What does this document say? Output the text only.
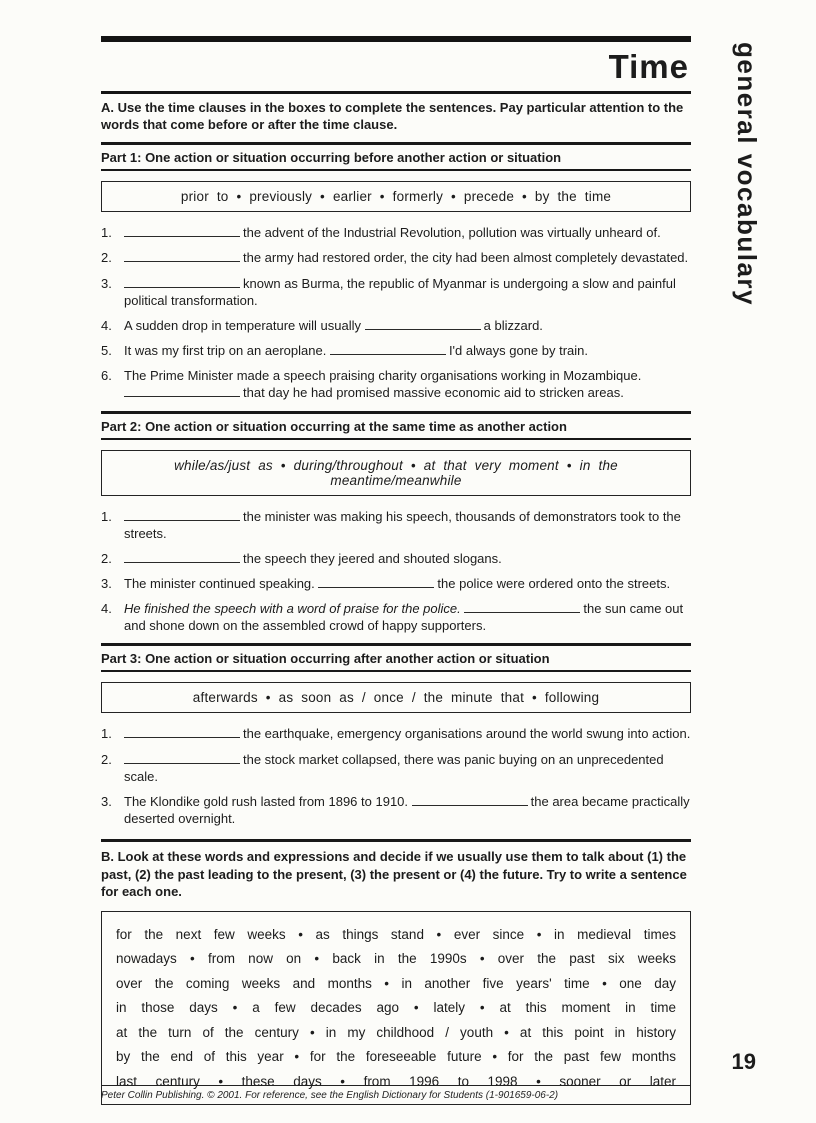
general vocabulary
Time
A. Use the time clauses in the boxes to complete the sentences. Pay particular attention to the words that come before or after the time clause.
Part 1: One action or situation occurring before another action or situation
prior to • previously • earlier • formerly • precede • by the time
1.	the advent of the Industrial Revolution, pollution was virtually unheard of.
2.	the army had restored order, the city had been almost completely devastated.
3.	known as Burma, the republic of Myanmar is undergoing a slow and painful political transformation.
4. A sudden drop in temperature will usually	a blizzard.
5. It was my first trip on an aeroplane.	I'd always gone by train.
6. The Prime Minister made a speech praising charity organisations working in Mozambique. that day he had promised massive economic aid to stricken areas.
Part 2: One action or situation occurring at the same time as another action
while/as/just as • during/throughout • at that very moment • in the meantime/meanwhile
1.	the minister was making his speech, thousands of demonstrators took to the streets.
2.	the speech they jeered and shouted slogans.
3. The minister continued speaking.	the police were ordered onto the streets.
4. He finished the speech with a word of praise for the police.	the sun came out and shone down on the assembled crowd of happy supporters.
Part 3: One action or situation occurring after another action or situation
afterwards • as soon as / once / the minute that • following
1.	the earthquake, emergency organisations around the world swung into action.
2.	the stock market collapsed, there was panic buying on an unprecedented scale.
3. The Klondike gold rush lasted from 1896 to 1910.	the area became practically deserted overnight.
B. Look at these words and expressions and decide if we usually use them to talk about (1) the past, (2) the past leading to the present, (3) the present or (4) the future. Try to write a sentence for each one.
for the next few weeks • as things stand • ever since • in medieval times
nowadays • from now on • back in the 1990s • over the past six weeks
over the coming weeks and months • in another five years' time • one day
in those days • a few decades ago • lately • at this moment in time
at the turn of the century • in my childhood / youth • at this point in history
by the end of this year • for the foreseeable future • for the past few months
last century • these days • from 1996 to 1998 • sooner or later
19
Peter Collin Publishing. © 2001. For reference, see the English Dictionary for Students (1-901659-06-2)
